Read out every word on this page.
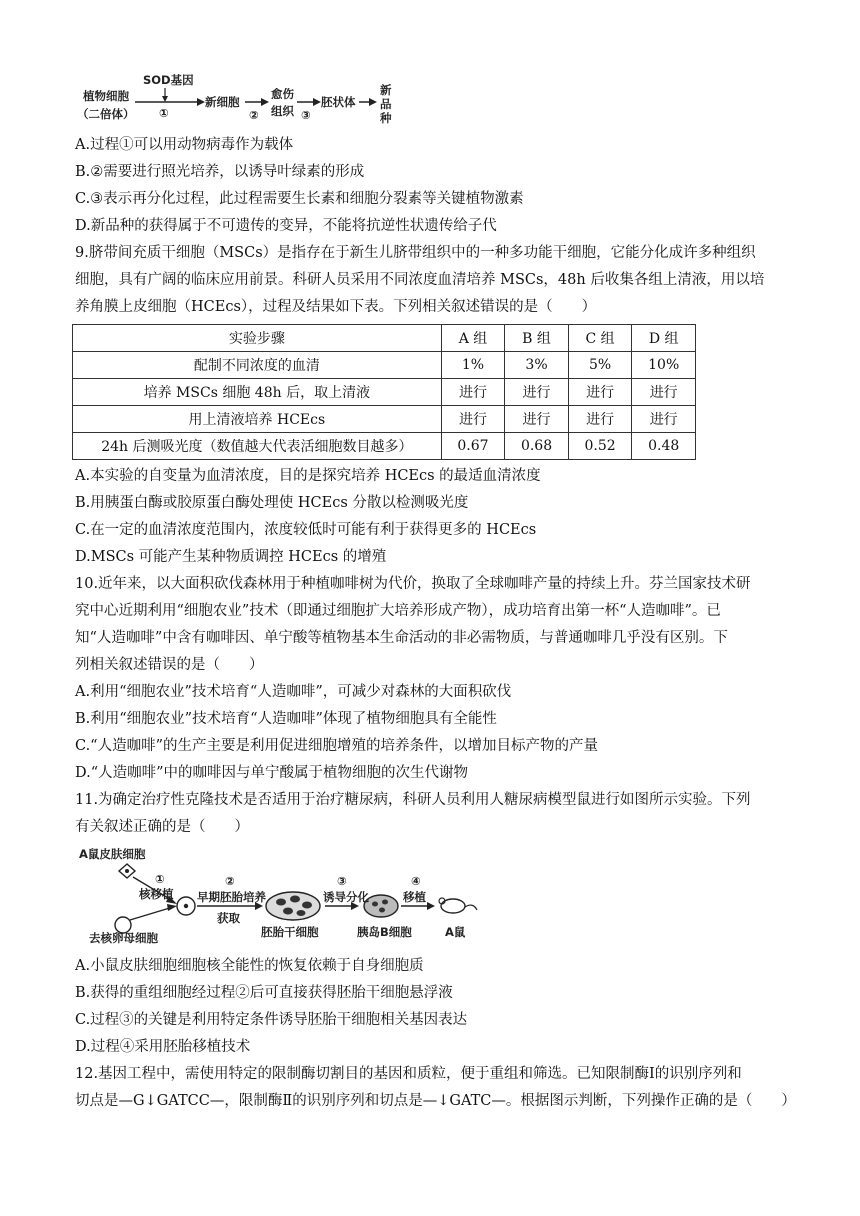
植物细胞
（二倍体）
SOD基因
①
新细胞
②
愈伤
组织 ③
胚状体
新
品
种
A.过程①可以用动物病毒作为载体
B.②需要进行照光培养，以诱导叶绿素的形成
C.③表示再分化过程，此过程需要生长素和细胞分裂素等关键植物激素
D.新品种的获得属于不可遗传的变异，不能将抗逆性状遗传给子代
9.脐带间充质干细胞（MSCs）是指存在于新生儿脐带组织中的一种多功能干细胞，它能分化成许多种组织
细胞，具有广阔的临床应用前景。科研人员采用不同浓度血清培养 MSCs，48h 后收集各组上清液，用以培
养角膜上皮细胞（HCEcs），过程及结果如下表。下列相关叙述错误的是（　　）
实验步骤	A 组	B 组	C 组	D 组
配制不同浓度的血清	1%	3%	5%	10%
培养 MSCs 细胞 48h 后，取上清液	进行	进行	进行	进行
用上清液培养 HCEcs	进行	进行	进行	进行
24h 后测吸光度（数值越大代表活细胞数目越多）	0.67	0.68	0.52	0.48
A.本实验的自变量为血清浓度，目的是探究培养 HCEcs 的最适血清浓度
B.用胰蛋白酶或胶原蛋白酶处理使 HCEcs 分散以检测吸光度
C.在一定的血清浓度范围内，浓度较低时可能有利于获得更多的 HCEcs
D.MSCs 可能产生某种物质调控 HCEcs 的增殖
10.近年来，以大面积砍伐森林用于种植咖啡树为代价，换取了全球咖啡产量的持续上升。芬兰国家技术研
究中心近期利用“细胞农业”技术（即通过细胞扩大培养形成产物），成功培育出第一杯“人造咖啡”。已
知“人造咖啡”中含有咖啡因、单宁酸等植物基本生命活动的非必需物质，与普通咖啡几乎没有区别。下
列相关叙述错误的是（　　）
A.利用“细胞农业”技术培育“人造咖啡”，可减少对森林的大面积砍伐
B.利用“细胞农业”技术培育“人造咖啡”体现了植物细胞具有全能性
C.“人造咖啡”的生产主要是利用促进细胞增殖的培养条件，以增加目标产物的产量
D.“人造咖啡”中的咖啡因与单宁酸属于植物细胞的次生代谢物
11.为确定治疗性克隆技术是否适用于治疗糖尿病，科研人员利用人糖尿病模型鼠进行如图所示实验。下列
有关叙述正确的是（　　）
A鼠皮肤细胞
①
核移植
②
早期胚胎培养
获取
胚胎干细胞
③
诱导分化
胰岛B细胞
④
移植
A鼠
去核卵母细胞
A.小鼠皮肤细胞细胞核全能性的恢复依赖于自身细胞质
B.获得的重组细胞经过程②后可直接获得胚胎干细胞悬浮液
C.过程③的关键是利用特定条件诱导胚胎干细胞相关基因表达
D.过程④采用胚胎移植技术
12.基因工程中，需使用特定的限制酶切割目的基因和质粒，便于重组和筛选。已知限制酶Ⅰ的识别序列和
切点是—G↓GATCC—，限制酶Ⅱ的识别序列和切点是—↓GATC—。根据图示判断，下列操作正确的是（　　）
